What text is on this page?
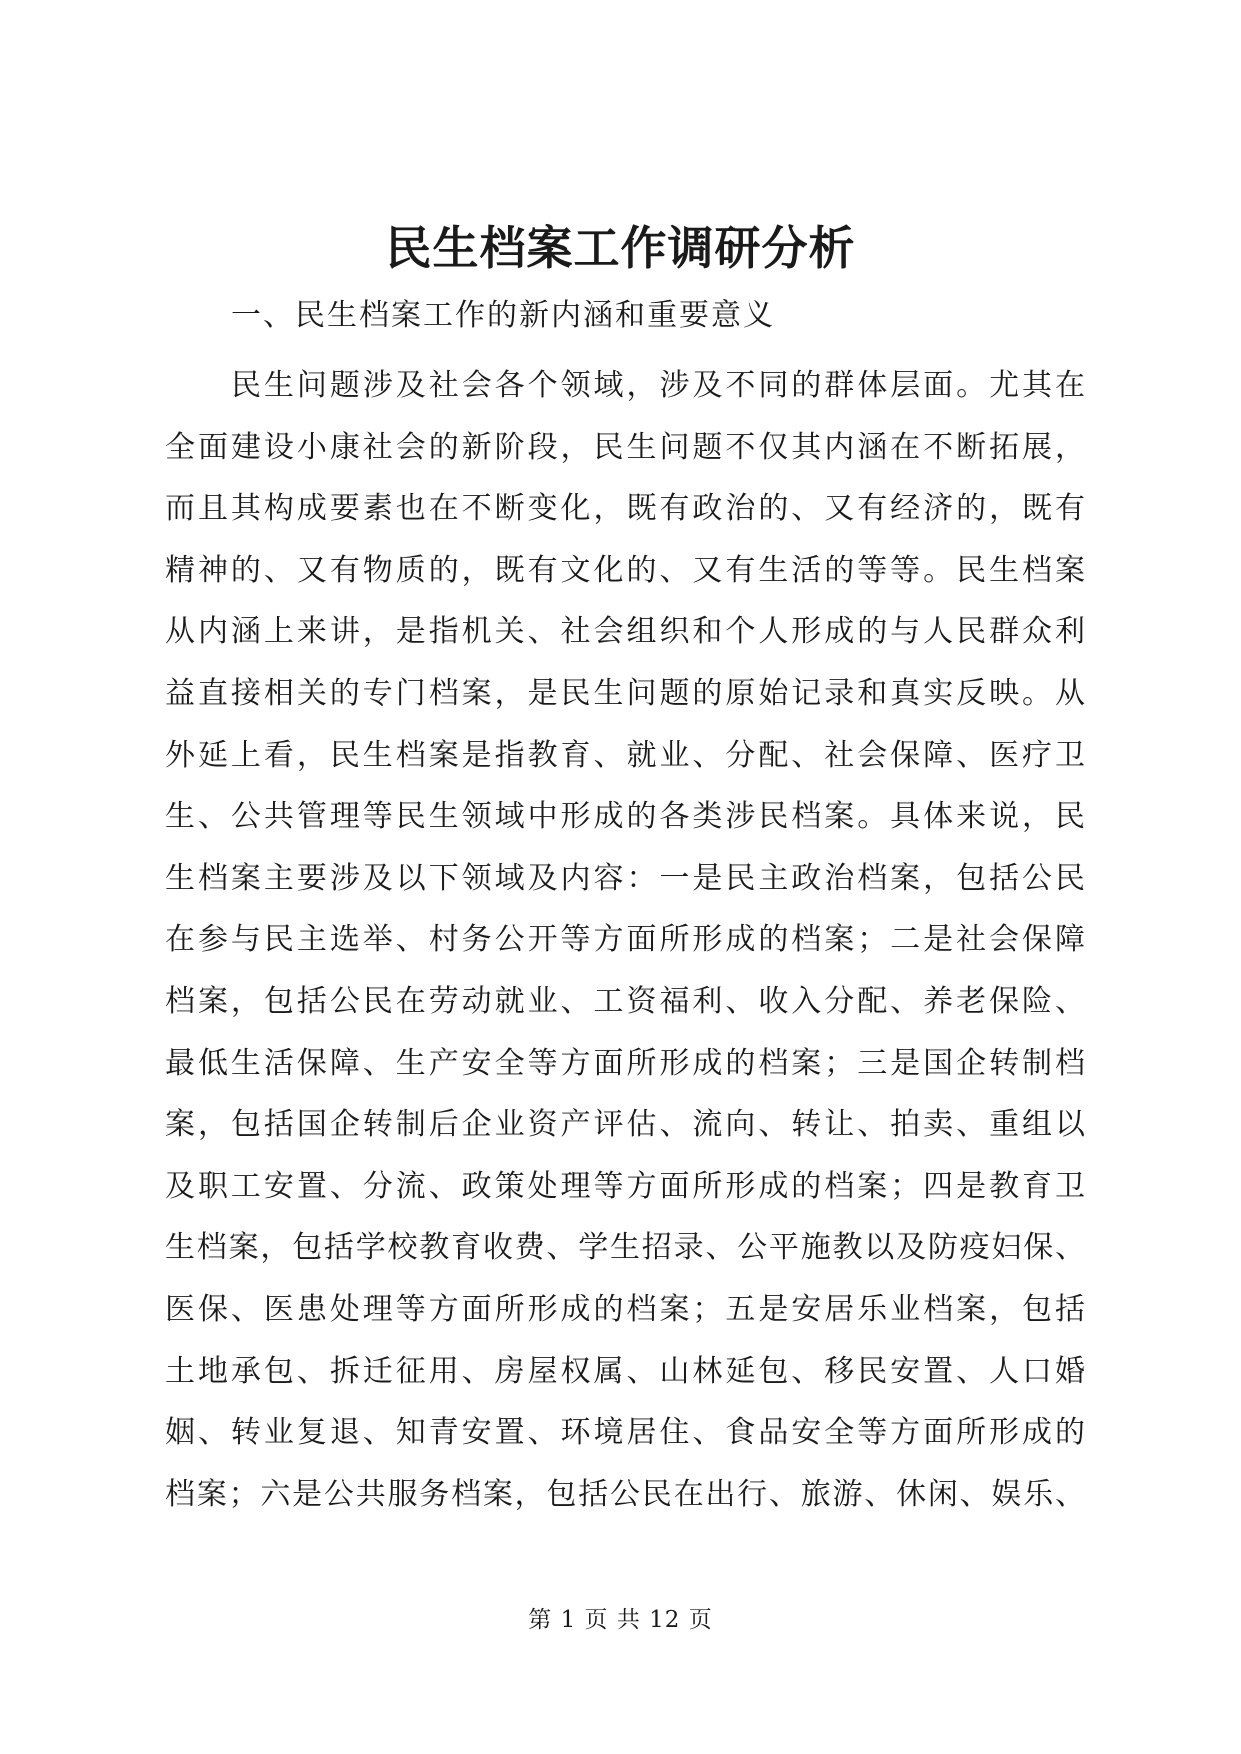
民生档案工作调研分析
一、民生档案工作的新内涵和重要意义
民生问题涉及社会各个领域，涉及不同的群体层面。尤其在
全面建设小康社会的新阶段，民生问题不仅其内涵在不断拓展，
而且其构成要素也在不断变化，既有政治的、又有经济的，既有
精神的、又有物质的，既有文化的、又有生活的等等。民生档案
从内涵上来讲，是指机关、社会组织和个人形成的与人民群众利
益直接相关的专门档案，是民生问题的原始记录和真实反映。从
外延上看，民生档案是指教育、就业、分配、社会保障、医疗卫
生、公共管理等民生领域中形成的各类涉民档案。具体来说，民
生档案主要涉及以下领域及内容：一是民主政治档案，包括公民
在参与民主选举、村务公开等方面所形成的档案；二是社会保障
档案，包括公民在劳动就业、工资福利、收入分配、养老保险、
最低生活保障、生产安全等方面所形成的档案；三是国企转制档
案，包括国企转制后企业资产评估、流向、转让、拍卖、重组以
及职工安置、分流、政策处理等方面所形成的档案；四是教育卫
生档案，包括学校教育收费、学生招录、公平施教以及防疫妇保、
医保、医患处理等方面所形成的档案；五是安居乐业档案，包括
土地承包、拆迁征用、房屋权属、山林延包、移民安置、人口婚
姻、转业复退、知青安置、环境居住、食品安全等方面所形成的
档案；六是公共服务档案，包括公民在出行、旅游、休闲、娱乐、
第 1 页 共 12 页
